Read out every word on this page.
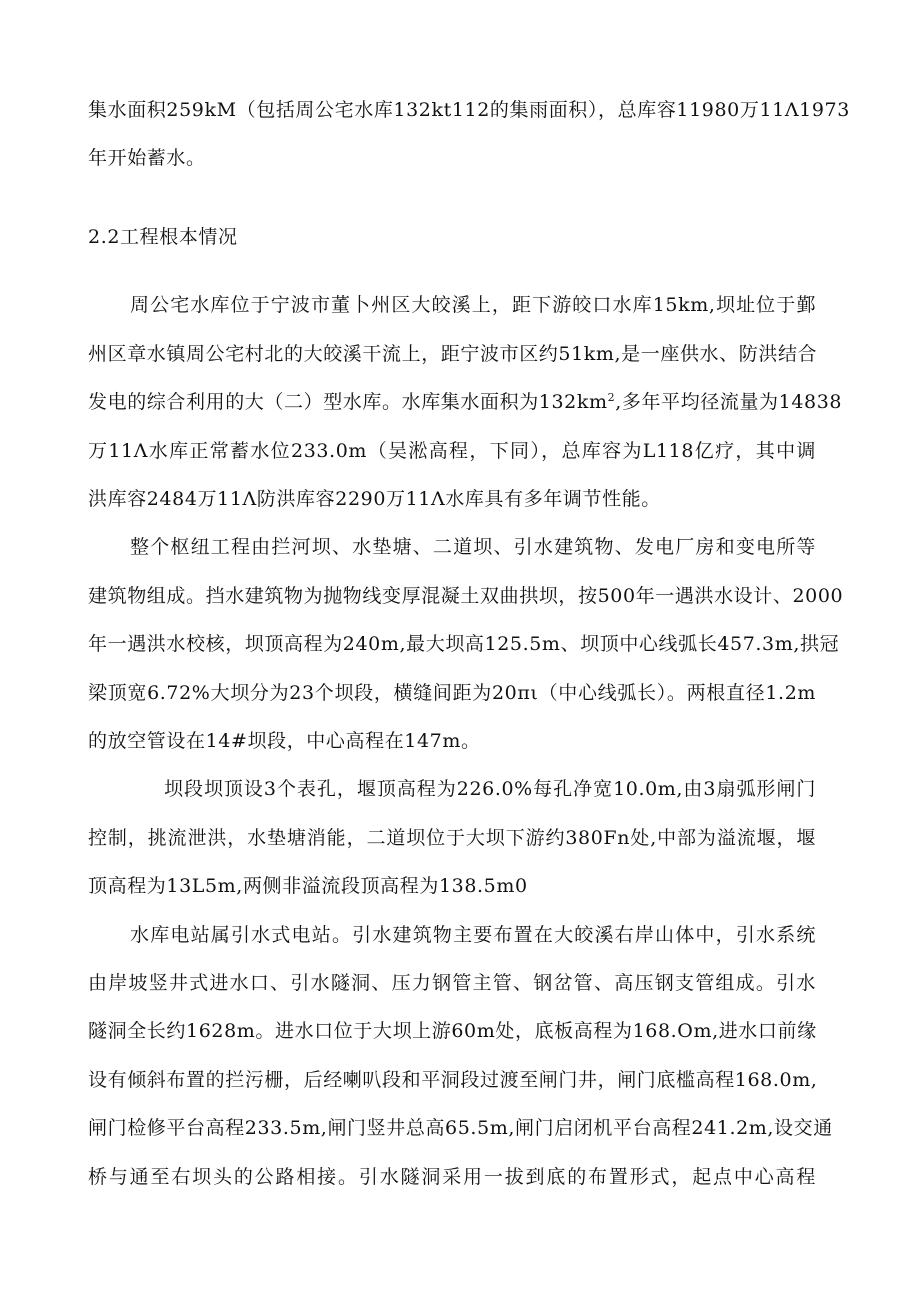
集水面积259kM（包括周公宅水库132kt112的集雨面积），总库容11980万11Λ1973
年开始蓄水。
2.2工程根本情况
周公宅水库位于宁波市董卜州区大皎溪上，距下游皎口水库15km,坝址位于鄞
州区章水镇周公宅村北的大皎溪干流上，距宁波市区约51km,是一座供水、防洪结合
发电的综合利用的大（二）型水库。水库集水面积为$132km^2$,多年平均径流量为14838
万11Λ水库正常蓄水位233.0m（吴淞高程，下同），总库容为L118亿疗，其中调
洪库容2484万11Λ防洪库容2290万11Λ水库具有多年调节性能。
整个枢纽工程由拦河坝、水垫塘、二道坝、引水建筑物、发电厂房和变电所等
建筑物组成。挡水建筑物为抛物线变厚混凝土双曲拱坝，按500年一遇洪水设计、2000
年一遇洪水校核，坝顶高程为240m,最大坝高125.5m、坝顶中心线弧长457.3m,拱冠
梁顶宽6.72%大坝分为23个坝段，横缝间距为20πι（中心线弧长）。两根直径1.2m
的放空管设在14#坝段，中心高程在147m。
坝段坝顶设3个表孔，堰顶高程为226.0%每孔净宽10.0m,由3扇弧形闸门
控制，挑流泄洪，水垫塘消能，二道坝位于大坝下游约380Fn处,中部为溢流堰，堰
顶高程为13L5m,两侧非溢流段顶高程为138.5m0
水库电站属引水式电站。引水建筑物主要布置在大皎溪右岸山体中，引水系统
由岸坡竖井式进水口、引水隧洞、压力钢管主管、钢岔管、高压钢支管组成。引水
隧洞全长约1628m。进水口位于大坝上游60m处，底板高程为168.Om,进水口前缘
设有倾斜布置的拦污栅，后经喇叭段和平洞段过渡至闸门井，闸门底槛高程168.0m,
闸门检修平台高程233.5m,闸门竖井总高65.5m,闸门启闭机平台高程241.2m,设交通
桥与通至右坝头的公路相接。引水隧洞采用一拔到底的布置形式，起点中心高程
